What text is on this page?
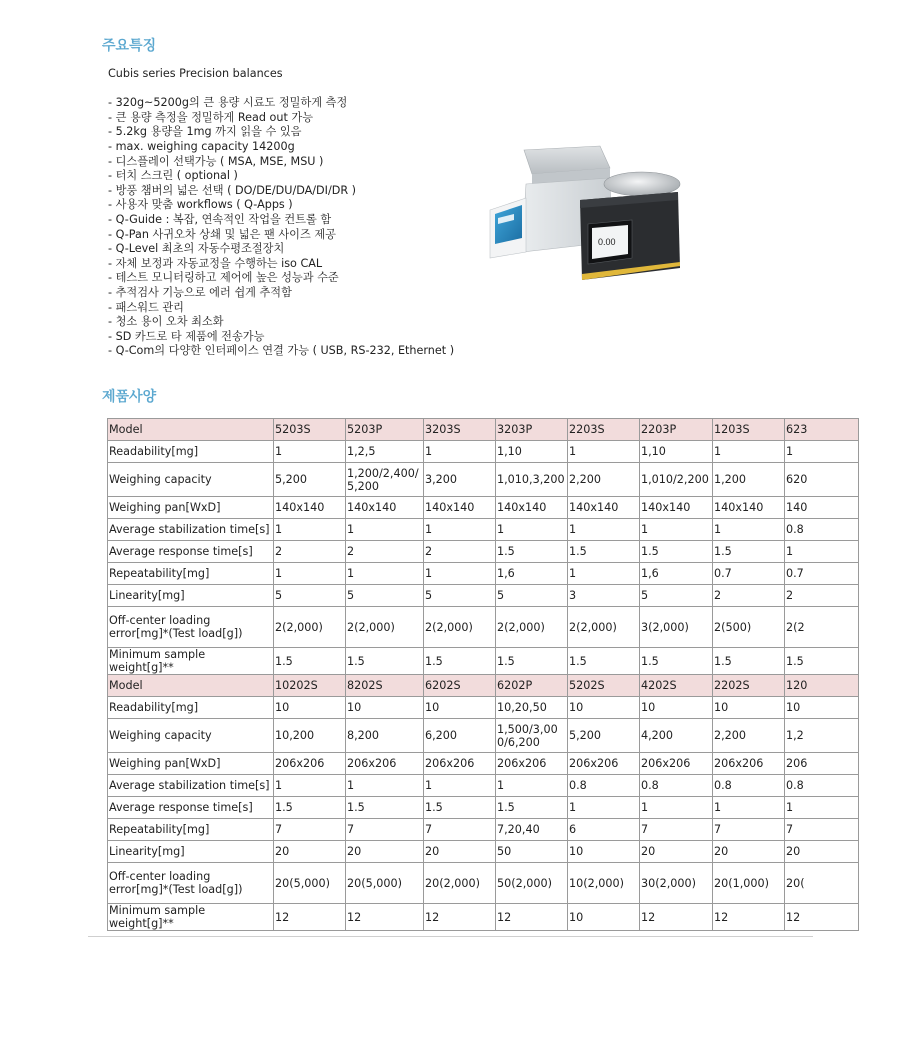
주요특징
Cubis series Precision balances
- 320g~5200g의 큰 용량 시료도 정밀하게 측정
- 큰 용량 측정을 정밀하게 Read out 가능
- 5.2kg 용량을 1mg 까지 읽을 수 있음
- max. weighing capacity 14200g
- 디스플레이 선택가능 ( MSA, MSE, MSU )
- 터치 스크린 ( optional )
- 방풍 챔버의 넓은 선택 ( DO/DE/DU/DA/DI/DR )
- 사용자 맞춤 workflows ( Q-Apps )
- Q-Guide : 복잡, 연속적인 작업을 컨트롤 함
- Q-Pan 사귀오차 상쇄 및 넓은 팬 사이즈 제공
- Q-Level 최초의 자동수평조절장치
- 자체 보정과 자동교정을 수행하는 iso CAL
- 테스트 모니터링하고 제어에 높은 성능과 수준
- 추적검사 기능으로 에러 쉽게 추적함
- 패스워드 관리
- 청소 용이 오차 최소화
- SD 카드로 타 제품에 전송가능
- Q-Com의 다양한 인터페이스 연결 가능 ( USB, RS-232, Ethernet )
0.00
제품사양
Model	5203S	5203P	3203S	3203P	2203S	2203P	1203S	623
Readability[mg]	1	1,2,5	1	1,10	1	1,10	1	1
Weighing capacity	5,200	1,200/2,400/5,200	3,200	1,010,3,200	2,200	1,010/2,200	1,200	620
Weighing pan[WxD]	140x140	140x140	140x140	140x140	140x140	140x140	140x140	140
Average stabilization time[s]	1	1	1	1	1	1	1	0.8
Average response time[s]	2	2	2	1.5	1.5	1.5	1.5	1
Repeatability[mg]	1	1	1	1,6	1	1,6	0.7	0.7
Linearity[mg]	5	5	5	5	3	5	2	2
Off-center loading error[mg]*(Test load[g])	2(2,000)	2(2,000)	2(2,000)	2(2,000)	2(2,000)	3(2,000)	2(500)	2(2
Minimum sample weight[g]**	1.5	1.5	1.5	1.5	1.5	1.5	1.5	1.5
Model	10202S	8202S	6202S	6202P	5202S	4202S	2202S	120
Readability[mg]	10	10	10	10,20,50	10	10	10	10
Weighing capacity	10,200	8,200	6,200	1,500/3,000/6,200	5,200	4,200	2,200	1,2
Weighing pan[WxD]	206x206	206x206	206x206	206x206	206x206	206x206	206x206	206
Average stabilization time[s]	1	1	1	1	0.8	0.8	0.8	0.8
Average response time[s]	1.5	1.5	1.5	1.5	1	1	1	1
Repeatability[mg]	7	7	7	7,20,40	6	7	7	7
Linearity[mg]	20	20	20	50	10	20	20	20
Off-center loading error[mg]*(Test load[g])	20(5,000)	20(5,000)	20(2,000)	50(2,000)	10(2,000)	30(2,000)	20(1,000)	20(
Minimum sample weight[g]**	12	12	12	12	10	12	12	12
